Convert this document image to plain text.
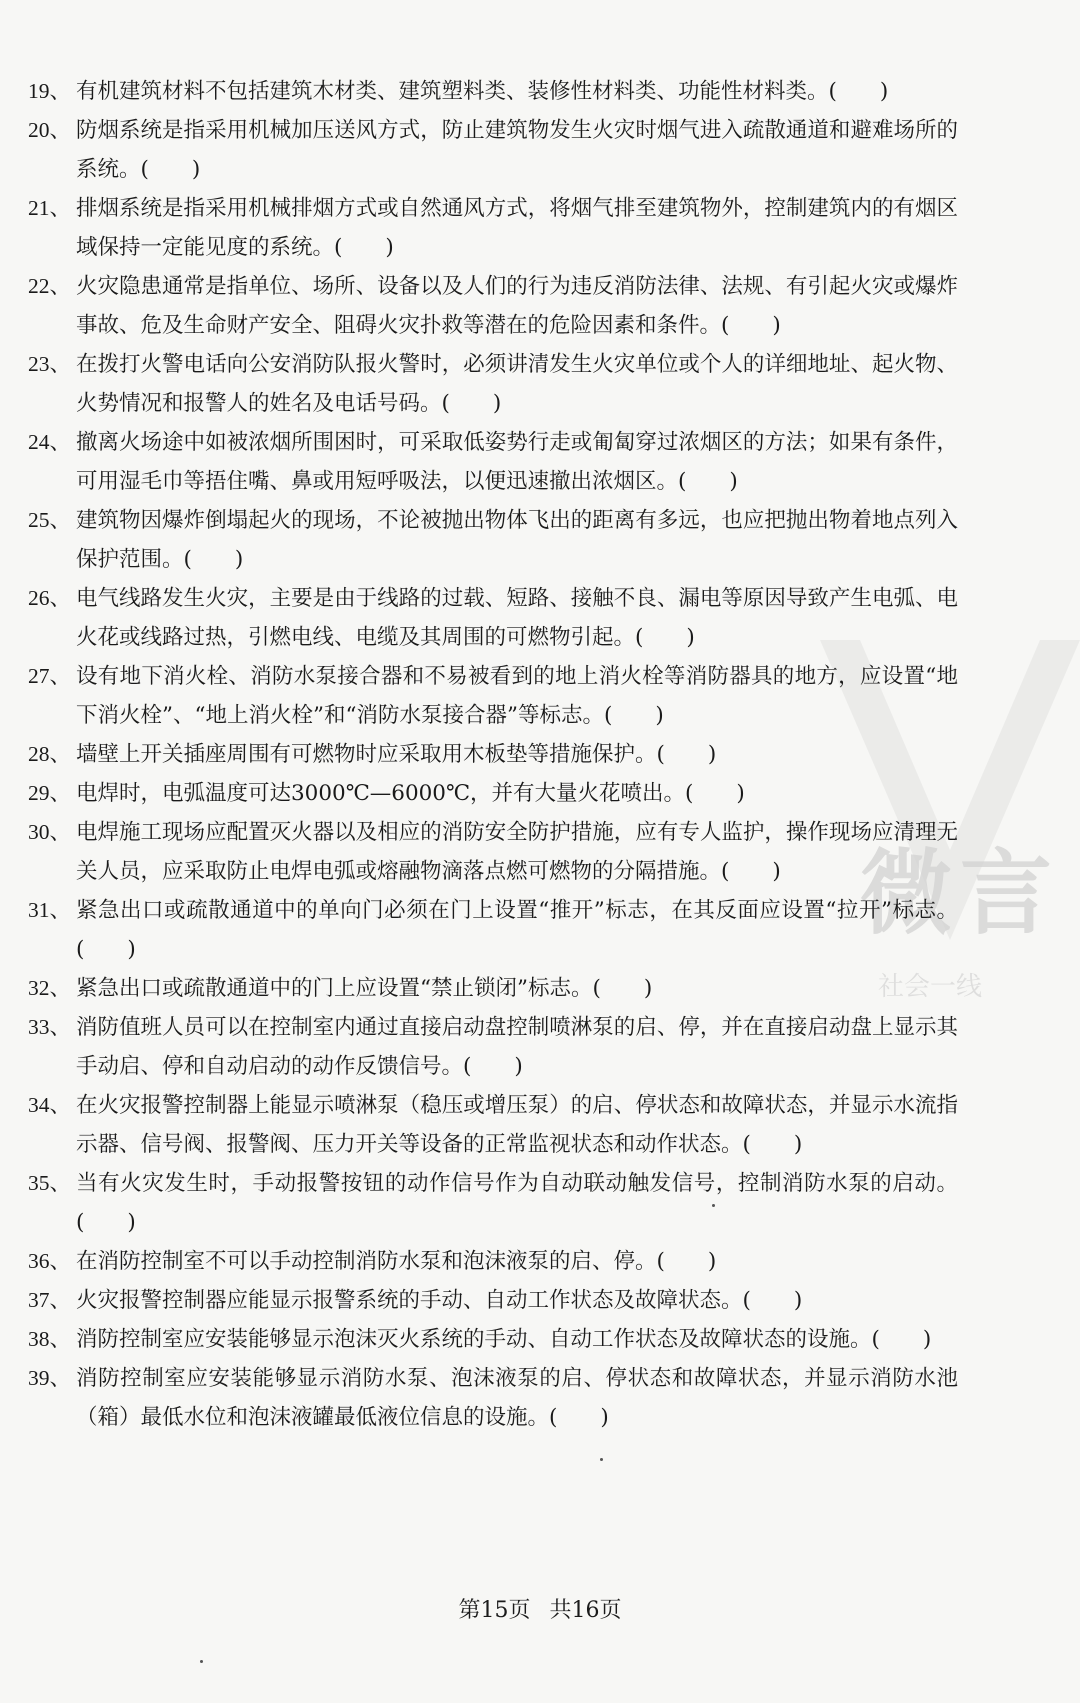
微言
社会一线
19、 有机建筑材料不包括建筑木材类、建筑塑料类、装修性材料类、功能性材料类。(　　)
20、 防烟系统是指采用机械加压送风方式，防止建筑物发生火灾时烟气进入疏散通道和避难场所的系统。(　　)
21、 排烟系统是指采用机械排烟方式或自然通风方式，将烟气排至建筑物外，控制建筑内的有烟区域保持一定能见度的系统。(　　)
22、 火灾隐患通常是指单位、场所、设备以及人们的行为违反消防法律、法规、有引起火灾或爆炸事故、危及生命财产安全、阻碍火灾扑救等潜在的危险因素和条件。(　　)
23、 在拨打火警电话向公安消防队报火警时，必须讲清发生火灾单位或个人的详细地址、起火物、火势情况和报警人的姓名及电话号码。(　　)
24、 撤离火场途中如被浓烟所围困时，可采取低姿势行走或匍匐穿过浓烟区的方法；如果有条件，可用湿毛巾等捂住嘴、鼻或用短呼吸法，以便迅速撤出浓烟区。(　　)
25、 建筑物因爆炸倒塌起火的现场，不论被抛出物体飞出的距离有多远，也应把抛出物着地点列入保护范围。(　　)
26、 电气线路发生火灾，主要是由于线路的过载、短路、接触不良、漏电等原因导致产生电弧、电火花或线路过热，引燃电线、电缆及其周围的可燃物引起。(　　)
27、 设有地下消火栓、消防水泵接合器和不易被看到的地上消火栓等消防器具的地方，应设置“地下消火栓”、“地上消火栓”和“消防水泵接合器”等标志。(　　)
28、 墙壁上开关插座周围有可燃物时应采取用木板垫等措施保护。(　　)
29、 电焊时，电弧温度可达3000℃—6000℃，并有大量火花喷出。(　　)
30、 电焊施工现场应配置灭火器以及相应的消防安全防护措施，应有专人监护，操作现场应清理无关人员，应采取防止电焊电弧或熔融物滴落点燃可燃物的分隔措施。(　　)
31、 紧急出口或疏散通道中的单向门必须在门上设置“推开”标志，在其反面应设置“拉开”标志。(　　)
32、 紧急出口或疏散通道中的门上应设置“禁止锁闭”标志。(　　)
33、 消防值班人员可以在控制室内通过直接启动盘控制喷淋泵的启、停，并在直接启动盘上显示其手动启、停和自动启动的动作反馈信号。(　　)
34、 在火灾报警控制器上能显示喷淋泵（稳压或增压泵）的启、停状态和故障状态，并显示水流指示器、信号阀、报警阀、压力开关等设备的正常监视状态和动作状态。(　　)
35、 当有火灾发生时，手动报警按钮的动作信号作为自动联动触发信号，控制消防水泵的启动。(　　)
36、 在消防控制室不可以手动控制消防水泵和泡沫液泵的启、停。(　　)
37、 火灾报警控制器应能显示报警系统的手动、自动工作状态及故障状态。(　　)
38、 消防控制室应安装能够显示泡沫灭火系统的手动、自动工作状态及故障状态的设施。(　　)
39、 消防控制室应安装能够显示消防水泵、泡沫液泵的启、停状态和故障状态，并显示消防水池（箱）最低水位和泡沫液罐最低液位信息的设施。(　　)
第15页 共16页
